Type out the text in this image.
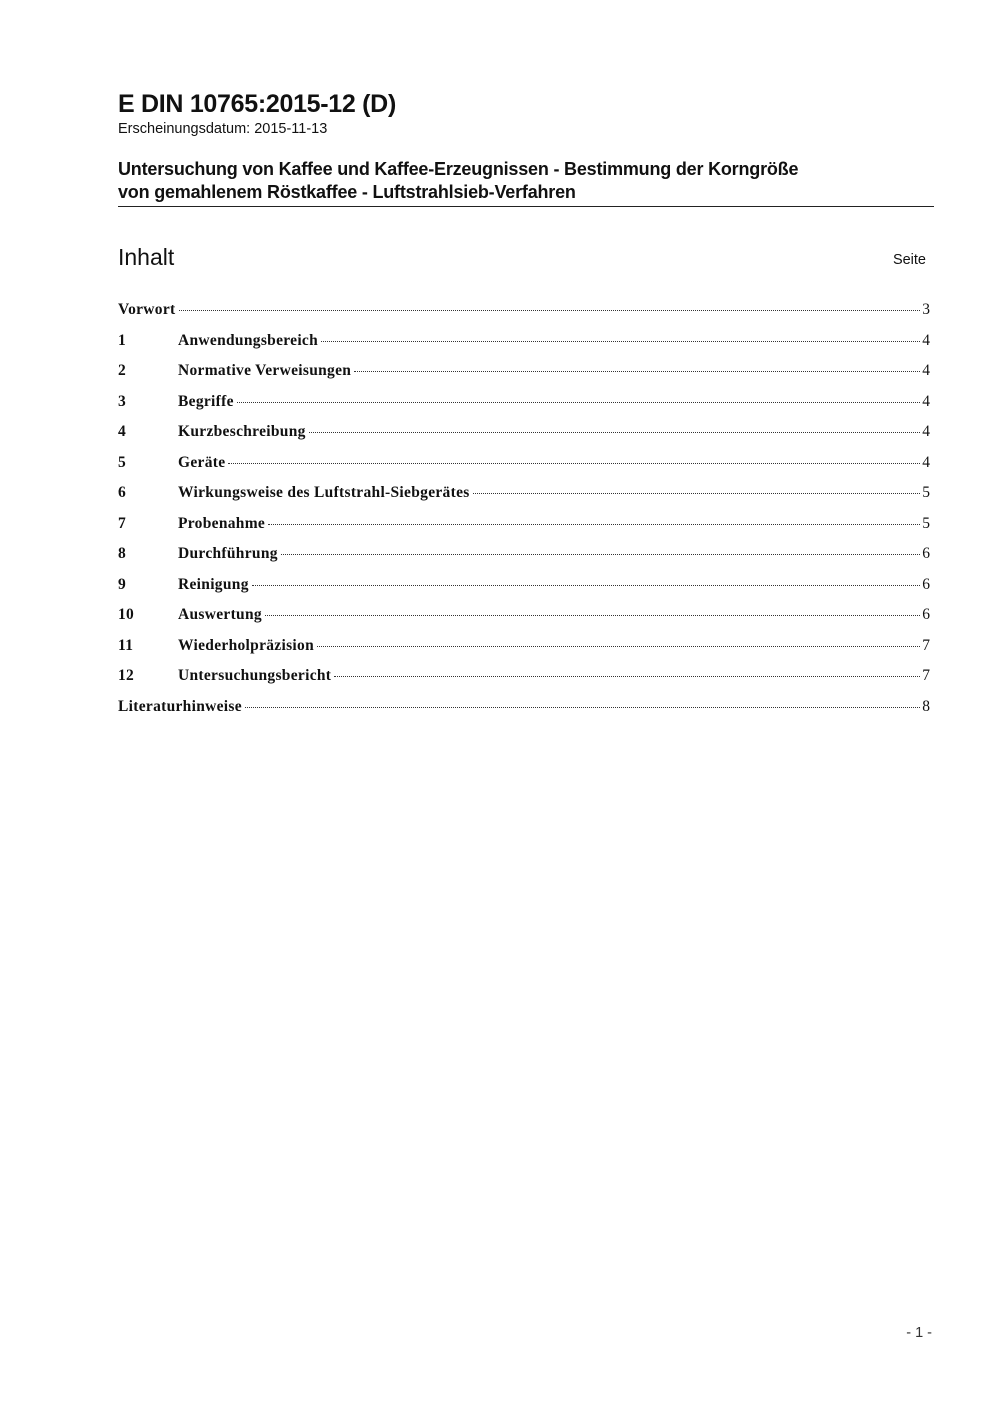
E DIN 10765:2015-12 (D)
Erscheinungsdatum: 2015-11-13
Untersuchung von Kaffee und Kaffee-Erzeugnissen - Bestimmung der Korngröße
von gemahlenem Röstkaffee - Luftstrahlsieb-Verfahren
Inhalt	Seite
Vorwort	3
1	Anwendungsbereich	4
2	Normative Verweisungen	4
3	Begriffe	4
4	Kurzbeschreibung	4
5	Geräte	4
6	Wirkungsweise des Luftstrahl-Siebgerätes	5
7	Probenahme	5
8	Durchführung	6
9	Reinigung	6
10	Auswertung	6
11	Wiederholpräzision	7
12	Untersuchungsbericht	7
Literaturhinweise	8
- 1 -
